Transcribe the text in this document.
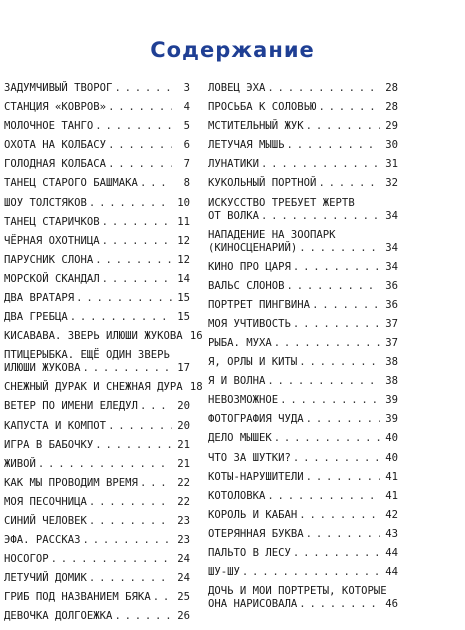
Содержание
ЗАДУМЧИВЫЙ ТВОРОГ . . .	3
СТАНЦИЯ «КОВРОВ» . . .	4
МОЛОЧНОЕ ТАНГО . . .	5
ОХОТА НА КОЛБАСУ . . .	6
ГОЛОДНАЯ КОЛБАСА . . .	7
ТАНЕЦ СТАРОГО БАШМАКА . . .	8
ШОУ ТОЛСТЯКОВ . . .	10
ТАНЕЦ СТАРИЧКОВ . . .	11
ЧЁРНАЯ ОХОТНИЦА . . .	12
ПАРУСНИК СЛОНА . . .	12
МОРСКОЙ СКАНДАЛ . . .	14
ДВА ВРАТАРЯ . . .	15
ДВА ГРЕБЦА . . .	15
КИСАВАВА. ЗВЕРЬ ИЛЮШИ ЖУКОВА 16
ПТИЦЕРЫБКА. ЕЩЁ ОДИН ЗВЕРЬ
ИЛЮШИ ЖУКОВА . . .	17
СНЕЖНЫЙ ДУРАК И СНЕЖНАЯ ДУРА 18
ВЕТЕР ПО ИМЕНИ ЕЛЕДУЛ . . .	20
КАПУСТА И КОМПОТ . . .	20
ИГРА В БАБОЧКУ . . .	21
ЖИВОЙ . . .	21
КАК МЫ ПРОВОДИМ ВРЕМЯ . . .	22
МОЯ ПЕСОЧНИЦА . . .	22
СИНИЙ ЧЕЛОВЕК . . .	23
ЭФА. РАССКАЗ . . .	23
НОСОГОР . . .	24
ЛЕТУЧИЙ ДОМИК . . .	24
ГРИБ ПОД НАЗВАНИЕМ БЯКА . . .	25
ДЕВОЧКА ДОЛГОЕЖКА . . .	26
ЛОВЕЦ ЭХА . . .	28
ПРОСЬБА К СОЛОВЬЮ . . .	28
МСТИТЕЛЬНЫЙ ЖУК . . .	29
ЛЕТУЧАЯ МЫШЬ . . .	30
ЛУНАТИКИ . . .	31
КУКОЛЬНЫЙ ПОРТНОЙ . . .	32
ИСКУССТВО ТРЕБУЕТ ЖЕРТВ
ОТ ВОЛКА . . .	34
НАПАДЕНИЕ НА ЗООПАРК
(КИНОСЦЕНАРИЙ) . . .	34
КИНО ПРО ЦАРЯ . . .	34
ВАЛЬС СЛОНОВ . . .	36
ПОРТРЕТ ПИНГВИНА . . .	36
МОЯ УЧТИВОСТЬ . . .	37
РЫБА. МУХА . . .	37
Я, ОРЛЫ И КИТЫ . . .	38
Я И ВОЛНА . . .	38
НЕВОЗМОЖНОЕ . . .	39
ФОТОГРАФИЯ ЧУДА . . .	39
ДЕЛО МЫШЕК . . .	40
ЧТО ЗА ШУТКИ? . . .	40
КОТЫ-НАРУШИТЕЛИ . . .	41
КОТОЛОВКА . . .	41
КОРОЛЬ И КАБАН . . .	42
ОТЕРЯННАЯ БУКВА . . .	43
ПАЛЬТО В ЛЕСУ . . .	44
ШУ-ШУ . . .	44
ДОЧЬ И МОИ ПОРТРЕТЫ, КОТОРЫЕ
ОНА НАРИСОВАЛА . . .	46
